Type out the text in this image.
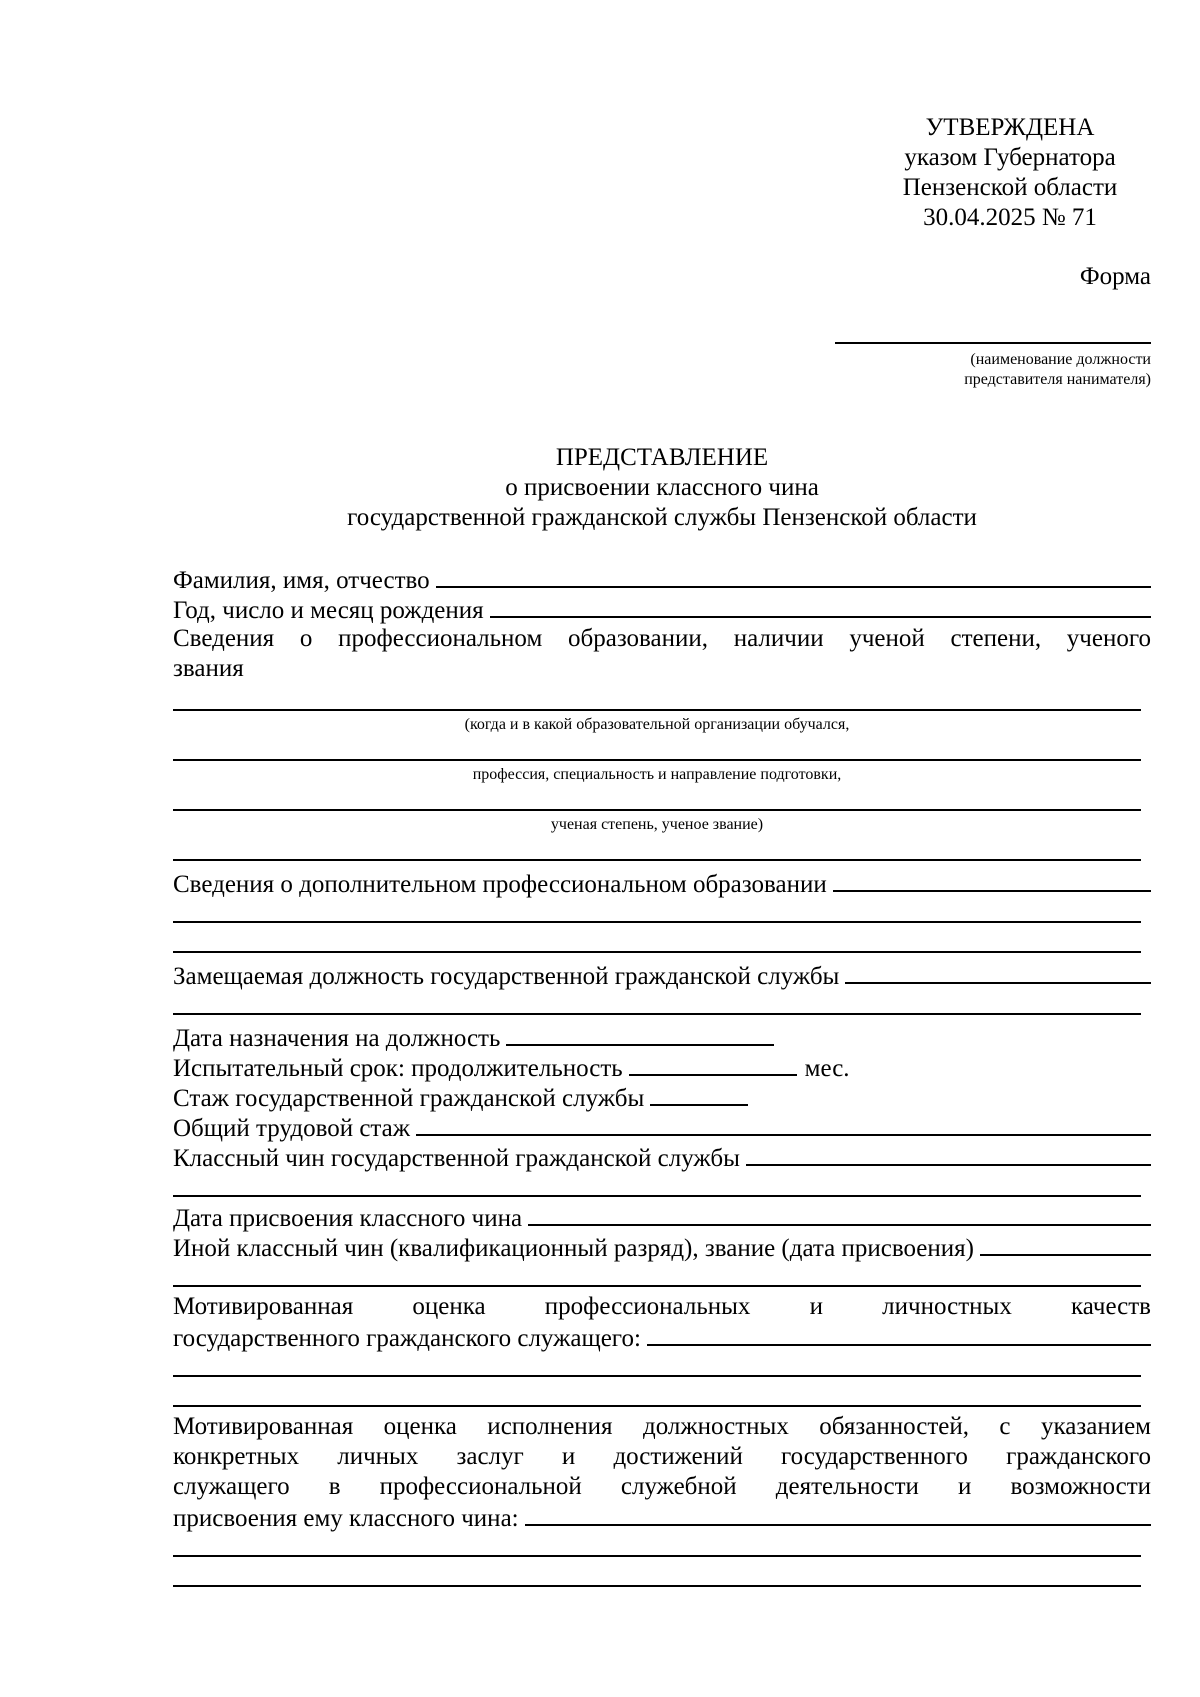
УТВЕРЖДЕНА
указом Губернатора
Пензенской области
30.04.2025 № 71
Форма
(наименование должности
представителя нанимателя)
ПРЕДСТАВЛЕНИЕ
о присвоении классного чина
государственной гражданской службы Пензенской области
Фамилия, имя, отчество
Год, число и месяц рождения
Сведения о профессиональном образовании, наличии ученой степени, ученого
звания
(когда и в какой образовательной организации обучался,
профессия, специальность и направление подготовки,
ученая степень, ученое звание)
Сведения о дополнительном профессиональном образовании
Замещаемая должность государственной гражданской службы
Дата назначения на должность
Испытательный срок: продолжительность	мес.
Стаж государственной гражданской службы
Общий трудовой стаж
Классный чин государственной гражданской службы
Дата присвоения классного чина
Иной классный чин (квалификационный разряд), звание (дата присвоения)
Мотивированная оценка профессиональных и личностных качеств
государственного гражданского служащего:
Мотивированная оценка исполнения должностных обязанностей, с указанием
конкретных личных заслуг и достижений государственного гражданского
служащего в профессиональной служебной деятельности и возможности
присвоения ему классного чина:
